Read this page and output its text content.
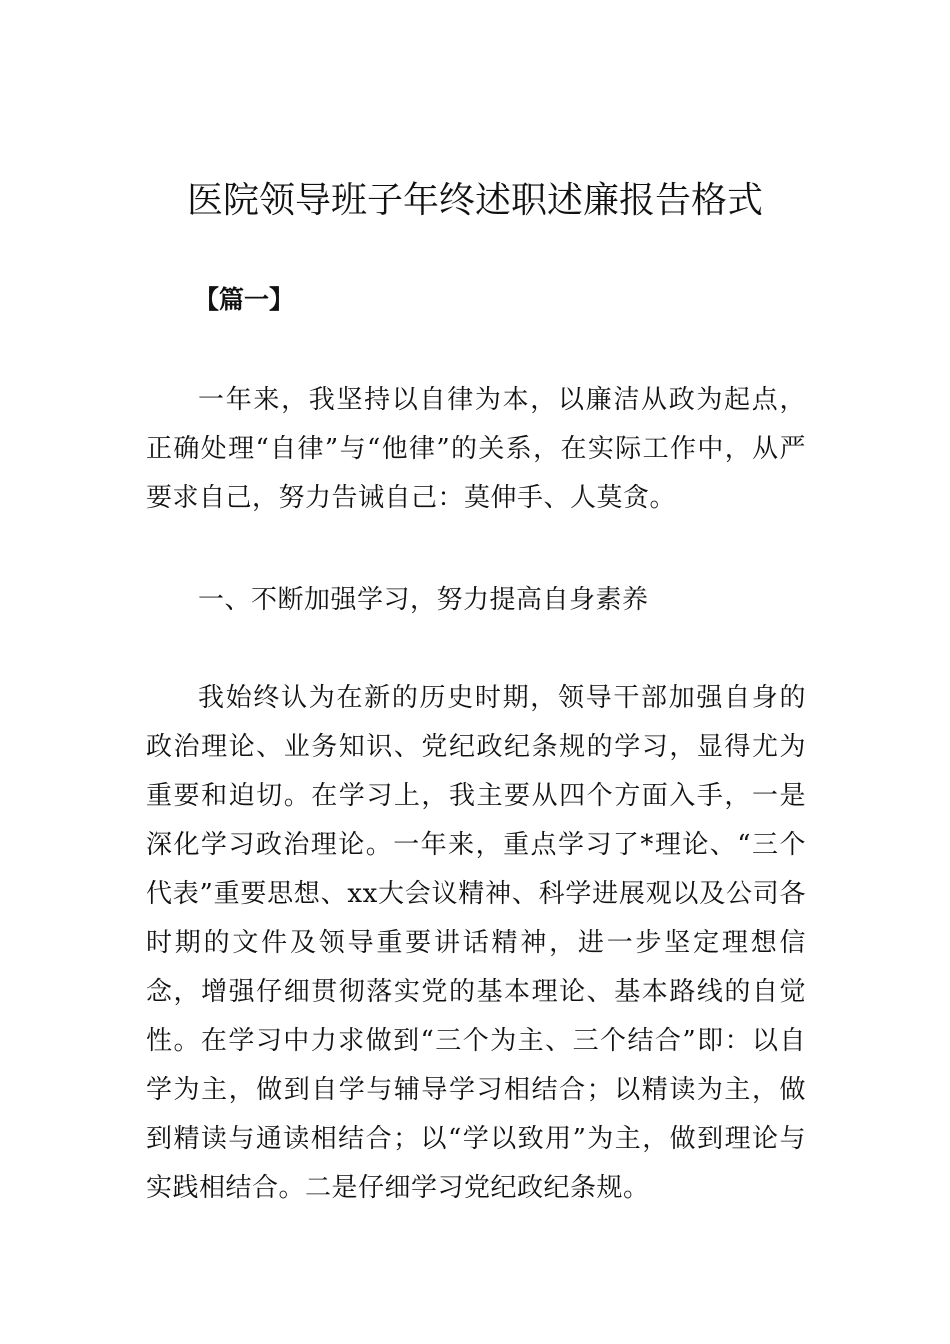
医院领导班子年终述职述廉报告格式

【篇一】

一年来，我坚持以自律为本，以廉洁从政为起点，正确处理“自律”与“他律”的关系，在实际工作中，从严要求自己，努力告诫自己：莫伸手、人莫贪。

一、不断加强学习，努力提高自身素养

我始终认为在新的历史时期，领导干部加强自身的政治理论、业务知识、党纪政纪条规的学习，显得尤为重要和迫切。在学习上，我主要从四个方面入手，一是深化学习政治理论。一年来，重点学习了*理论、“三个代表”重要思想、xx大会议精神、科学进展观以及公司各时期的文件及领导重要讲话精神，进一步坚定理想信念，增强仔细贯彻落实党的基本理论、基本路线的自觉性。在学习中力求做到“三个为主、三个结合”即：以自学为主，做到自学与辅导学习相结合；以精读为主，做到精读与通读相结合；以“学以致用”为主，做到理论与实践相结合。二是仔细学习党纪政纪条规。
